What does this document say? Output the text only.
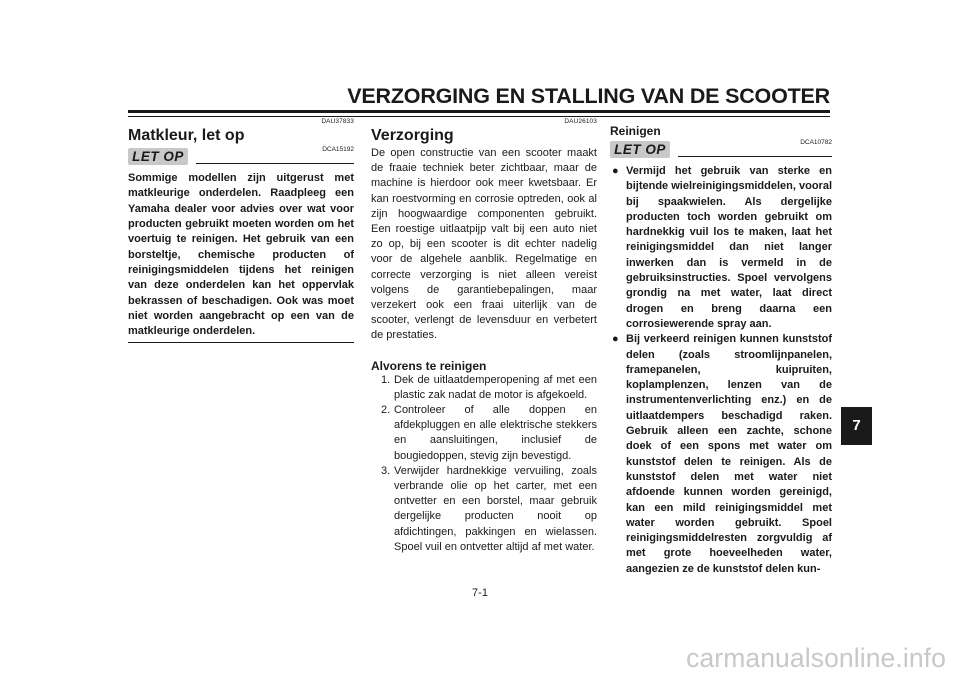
VERZORGING EN STALLING VAN DE SCOOTER
DAU37833
Matkleur, let op
LET OP	DCA15192

Sommige modellen zijn uitgerust met matkleurige onderdelen. Raadpleeg een Yamaha dealer voor advies over wat voor producten gebruikt moeten worden om het voertuig te reinigen. Het gebruik van een borsteltje, chemische producten of reinigingsmiddelen tijdens het reinigen van deze onderdelen kan het oppervlak bekrassen of beschadigen. Ook was moet niet worden aangebracht op een van de matkleurige onderdelen.

DAU26103
Verzorging

De open constructie van een scooter maakt de fraaie techniek beter zichtbaar, maar de machine is hierdoor ook meer kwetsbaar. Er kan roestvorming en corrosie optreden, ook al zijn hoogwaardige componenten gebruikt. Een roestige uitlaatpijp valt bij een auto niet zo op, bij een scooter is dit echter nadelig voor de algehele aanblik. Regelmatige en correcte verzorging is niet alleen vereist volgens de garantiebepalingen, maar verzekert ook een fraai uiterlijk van de scooter, verlengt de levensduur en verbetert de prestaties.

Alvorens te reinigen
1. Dek de uitlaatdemperopening af met een plastic zak nadat de motor is afgekoeld.
2. Controleer of alle doppen en afdekpluggen en alle elektrische stekkers en aansluitingen, inclusief de bougiedoppen, stevig zijn bevestigd.
3. Verwijder hardnekkige vervuiling, zoals verbrande olie op het carter, met een ontvetter en een borstel, maar gebruik dergelijke producten nooit op afdichtingen, pakkingen en wielassen. Spoel vuil en ontvetter altijd af met water.
Reinigen
LET OP	DCA10782
● Vermijd het gebruik van sterke en bijtende wielreinigingsmiddelen, vooral bij spaakwielen. Als dergelijke producten toch worden gebruikt om hardnekkig vuil los te maken, laat het reinigingsmiddel dan niet langer inwerken dan is vermeld in de gebruiksinstructies. Spoel vervolgens grondig na met water, laat direct drogen en breng daarna een corrosiewerende spray aan.
● Bij verkeerd reinigen kunnen kunststof delen (zoals stroomlijnpanelen, framepanelen, kuipruiten, koplamplenzen, lenzen van de instrumentenverlichting enz.) en de uitlaatdempers beschadigd raken. Gebruik alleen een zachte, schone doek of een spons met water om kunststof delen te reinigen. Als de kunststof delen met water niet afdoende kunnen worden gereinigd, kan een mild reinigingsmiddel met water worden gebruikt. Spoel reinigingsmiddelresten zorgvuldig af met grote hoeveelheden water, aangezien ze de kunststof delen kun-
7
7-1
carmanualsonline.info
